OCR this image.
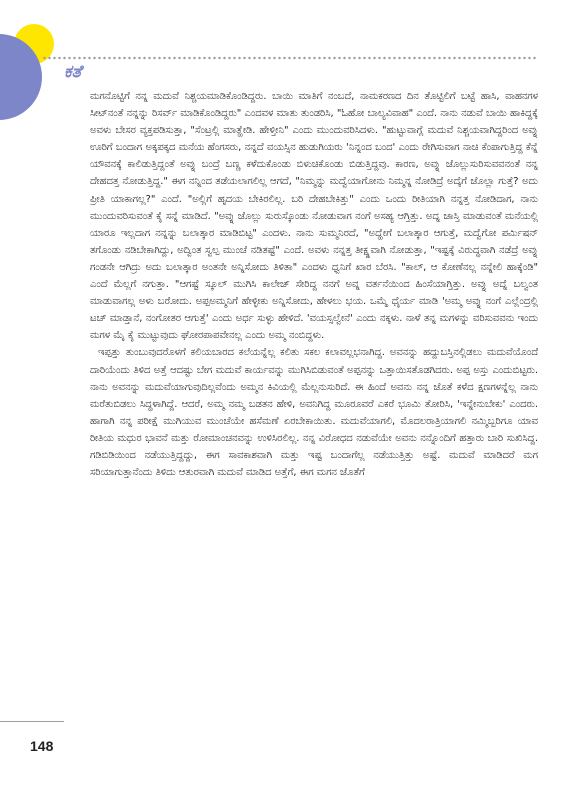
ಕತೆ

ಮಗನೊಟ್ಟಿಗೆ ನನ್ನ ಮದುವೆ ನಿಶ್ಚಯಮಾಡಿಕೊಂಡಿದ್ದರು. ಬಾಯಿ ಮಾತಿಗೆ ನಂಬದೆ, ನಾಮಕರಣದ ದಿನ ತೊಟ್ಟಿಲಿಗೆ ಬಟ್ಟೆ ಹಾಸಿ, ವಾಹನಗಳ ಸೀಟ್‌ನಂತೆ ನನ್ನನ್ನು ರಿಸರ್ವ್ ಮಾಡಿಕೊಂಡಿದ್ದರು" ಎಂದವಳ ಮಾತು ತುಂಡರಿಸಿ, "ಓಹೋ ಬಾಲ್ಯವಿವಾಹ" ಎಂದೆ. ನಾನು ನಡುವೆ ಬಾಯಿ ಹಾಕಿದ್ದಕ್ಕೆ ಅವಳು ಬೇಸರ ವ್ಯಕ್ತಪಡಿಸುತ್ತಾ, "ಸೆಂಟ್ರಲ್ಲಿ ಮಾತ್ಹೇಡಿ. ಹೇಳ್ತೀನಿ" ಎಂದು ಮುಂದುವರಿಸಿದಳು. "ಹುಟ್ಟುವಾಗ್ಲೆ ಮದುವೆ ನಿಶ್ಚಯವಾಗಿದ್ದರಿಂದ ಅವ್ನು ಊರಿಗೆ ಬಂದಾಗ ಅಕ್ಕಪಕ್ಕದ ಮನೆಯ ಹೆಂಗಸರು, ನನ್ನದೆ ವಯಸ್ಸಿನ ಹುಡುಗಿಯರು 'ನಿನ್ನಂದ ಬಂದ' ಎಂದು ರೇಗಿಸುವಾಗ ನಾಚಿ ಕೆಂಪಾಗುತ್ತಿದ್ದ ಕೆನ್ನೆ ಯೌವನಕ್ಕೆ ಕಾಲಿಡುತ್ತಿದ್ದಂತೆ ಅವ್ನು ಬಂದ್ರೆ ಬಣ್ಣ ಕಳೆದುಕೊಂಡು ಬಿಳುಚಿಕೊಂಡು ಬಿಡುತ್ತಿದ್ದವು. ಕಾರಣ, ಅವ್ನು ಜೊಲ್ಲುಸುರಿಸುವವನಂತೆ ನನ್ನ ದೇಹದತ್ತ ನೋಡುತ್ತಿದ್ದ." ಈಗ ನನ್ನಿಂದ ತಡೆಯಲಾಗಲಿಲ್ಲ ಆಗದೆ, "ನಿಮ್ಮನ್ನು ಮದ್ವೆಯಾಗೋನು ನಿಮ್ಮನ್ನ ನೋಡಿದ್ರೆ ಅದ್ಕೆಗೆ ಜೊಲ್ಲಾ ಗುತ್ತೆ? ಅದು ಪ್ರೀತಿ ಯಾಕಾಗಲ್ಲ?" ಎಂದೆ. "ಅಲ್ಲಿಗೆ ಹೃದಯ ಬೇಕಿರಲಿಲ್ಲ. ಬರಿ ದೇಹಬೇಕಿತ್ತು" ಎಂದು ಒಂದು ರೀತಿಯಾಗಿ ನನ್ನತ್ತ ನೋಡಿದಾಗ, ನಾನು ಮುಂದುವರಿಸುವಂತೆ ಕೈ ಸನ್ನೆ ಮಾಡಿದೆ. "ಅವ್ನು ಜೊಲ್ಲು ಸುರುಸ್ಕೊಂಡು ನೋಡುವಾಗ ನಂಗೆ ಅಸಹ್ಯ ಆಗ್ತಿತ್ತು. ಅದ್ನ ಜಾಸ್ತಿ ಮಾಡುವಂತೆ ಮನೆಯಲ್ಲಿ ಯಾರೂ ಇಲ್ಲದಾಗ ನನ್ನನ್ನು ಬಲಾತ್ಕಾರ ಮಾಡಿಬಿಟ್ಟ" ಎಂದಳು. ನಾನು ಸುಮ್ಮನಿರದೆ, "ಅದ್ಹೇಗೆ ಬಲಾತ್ಕಾರ ಆಗುತ್ತೆ, ಮದ್ವೆಗೋ ಪರ್ಮಿಷನ್ ತಗೊಂಡು ನಡಿಬೇಕಾಗಿದ್ದು, ಅದ್ವಿಂತ ಸ್ವಲ್ಪ ಮುಂಚೆ ನಡಿತಷ್ಟೆ" ಎಂದೆ. ಅವಳು ನನ್ನತ್ತ ತೀಕ್ಷ್ಣವಾಗಿ ನೋಡುತ್ತಾ, "ಇಷ್ಟಕ್ಕೆ ವಿರುದ್ಧವಾಗಿ ನಡೆದ್ರೆ ಅವ್ನು ಗಂಡನೇ ಆಗಿದ್ರು ಅದು ಬಲಾತ್ಕಾರ ಅಂತನೇ ಅನ್ನಿಸೋದು ತಿಳಿತಾ" ಎಂದಳು ಧ್ವನಿಗೆ ಖಾರ ಬೆರಸಿ. "ಕಾಲ್, ಆ ಕೋಣೆನಲ್ಲ ನನ್ನೇಲಿ ಹಾಕ್ಕೆಂಡಿ" ಎಂದೆ ಮೆಲ್ಲಗೆ ನಗುತ್ತಾ. "ಆಗಷ್ಟೆ ಸ್ಕೂಲ್ ಮುಗಿಸಿ ಕಾಲೇಜ್ ಸೇರಿದ್ದ ನನಗೆ ಅವ್ನ ವರ್ತನೆಯಿಂದ ಹಿಂಸೆಯಾಗ್ತಿತ್ತು. ಅವ್ನು ಅದ್ನೆ ಬಲ್ವಂತ ಮಾಡುವಾಗಲ್ಲ ಅಳು ಬರೋದು. ಅಪ್ಪಅಮ್ಮನಿಗೆ ಹೇಳ್ಳೀಕು ಅನ್ನಿಸೋದು, ಹೇಳಲು ಭಯ. ಒಮ್ಮೆ ಧೈರ್ಯ ಮಾಡಿ 'ಅಮ್ಮ ಅವ್ನು ನಂಗೆ ಎಲ್ಲೆಂದ್ರಲ್ಲಿ ಟಚ್ ಮಾಡ್ತಾನೆ, ನಂಗೋತರ ಆಗುತ್ತೆ' ಎಂದು ಅರ್ಧ ಸುಳ್ಳು ಹೇಳಿದೆ. 'ವಯಸ್ಸಲ್ವೇನೆ' ಎಂದು ನಕ್ಕಳು. ನಾಳೆ ತನ್ನ ಮಗಳನ್ನು ವರಿಸುವವನು ಇಂದು ಮಗಳ ಮೈ ಕೈ ಮುಟ್ಟುವುದು ಘೋರಪಾಪವೇನಲ್ಲ ಎಂದು ಅಮ್ಮ ನಂಬಿದ್ದಳು.

ಇಪ್ಪತ್ತು ತುಂಬುವುದರೊಳಗೆ ಕಲಿಯಬಾರದ ಕಲೆಯನ್ನೆಲ್ಲ ಕಲಿತು ಸಕಲ ಕಲಾವಲ್ಲಭನಾಗಿದ್ದ. ಅವನನ್ನು ಹದ್ದುಬಸ್ತಿನಲ್ಲಿಡಲು ಮದುವೆಯೊಂದೆ ದಾರಿಯೆಂದು ತಿಳಿದ ಅತ್ತೆ ಆದಷ್ಟು ಬೇಗ ಮದುವೆ ಕಾರ್ಯವನ್ನು ಮುಗಿಸಿಬಿಡುವಂತೆ ಅಪ್ಪನನ್ನು ಒತ್ತಾಯಿಸತೊಡಗಿದರು. ಅಪ್ಪ ಅಸ್ತು ಎಂದುಬಿಟ್ಟರು. ನಾನು ಅವನನ್ನು ಮದುವೆಯಾಗುವುದಿಲ್ಲವೆಂದು ಅಮ್ಮನ ಕಿವಿಯಲ್ಲಿ ಮೆಲ್ಲನುಸುರಿದೆ. ಈ ಹಿಂದೆ ಅವನು ನನ್ನ ಜೊತೆ ಕಳೆದ ಕ್ಷಣಗಳನ್ನೆಲ್ಲ ನಾನು ಮರೆತುಬಿಡಲು ಸಿದ್ಧಳಾಗಿದ್ದೆ. ಆದರೆ, ಅಮ್ಮ ನಮ್ಮ ಬಡತನ ಹೇಳಿ, ಅವನಿಗಿದ್ದ ಮೂರೂವರೆ ಎಕರೆ ಭೂಮಿ ತೋರಿಸಿ, 'ಇನ್ನೇನುಬೇಕು' ಎಂದರು. ಹಾಗಾಗಿ ನನ್ನ ಪರೀಕ್ಷೆ ಮುಗಿಯುವ ಮುಂಚೆಯೇ ಹಸೆಮಣೆ ಏರಬೇಕಾಯಿತು. ಮದುವೆಯಾಗಲಿ, ಮೊದಲರಾತ್ರಿಯಾಗಲಿ ನಮ್ಮಿಬ್ಬರಿಗೂ ಯಾವ ರೀತಿಯ ಮಧುರ ಭಾವನೆ ಮತ್ತು ರೋಮಾಂಚನವನ್ನು ಉಳಿಸಿರಲಿಲ್ಲ. ನನ್ನ ವಿರೋಧದ ನಡುವೆಯೇ ಅವನು ನನ್ನೊಂದಿಗೆ ಹತ್ತಾರು ಬಾರಿ ಸುಖಿಸಿದ್ದ. ಗಡಿಬಿಡಿಯಿಂದ ನಡೆಯುತ್ತಿದ್ದದ್ದು, ಈಗ ಸಾವಕಾಶವಾಗಿ ಮತ್ತು ಇಷ್ಟ ಬಂದಾಗೆಲ್ಲ ನಡೆಯುತ್ತಿತ್ತು ಅಷ್ಟೆ. ಮದುವೆ ಮಾಡಿದರೆ ಮಗ ಸರಿಯಾಗುತ್ತಾನೆಂದು ತಿಳಿದು ಆತುರವಾಗಿ ಮದುವೆ ಮಾಡಿದ ಅತ್ತೆಗೆ, ಈಗ ಮಗನ ಜೊತೆಗೆ

148
